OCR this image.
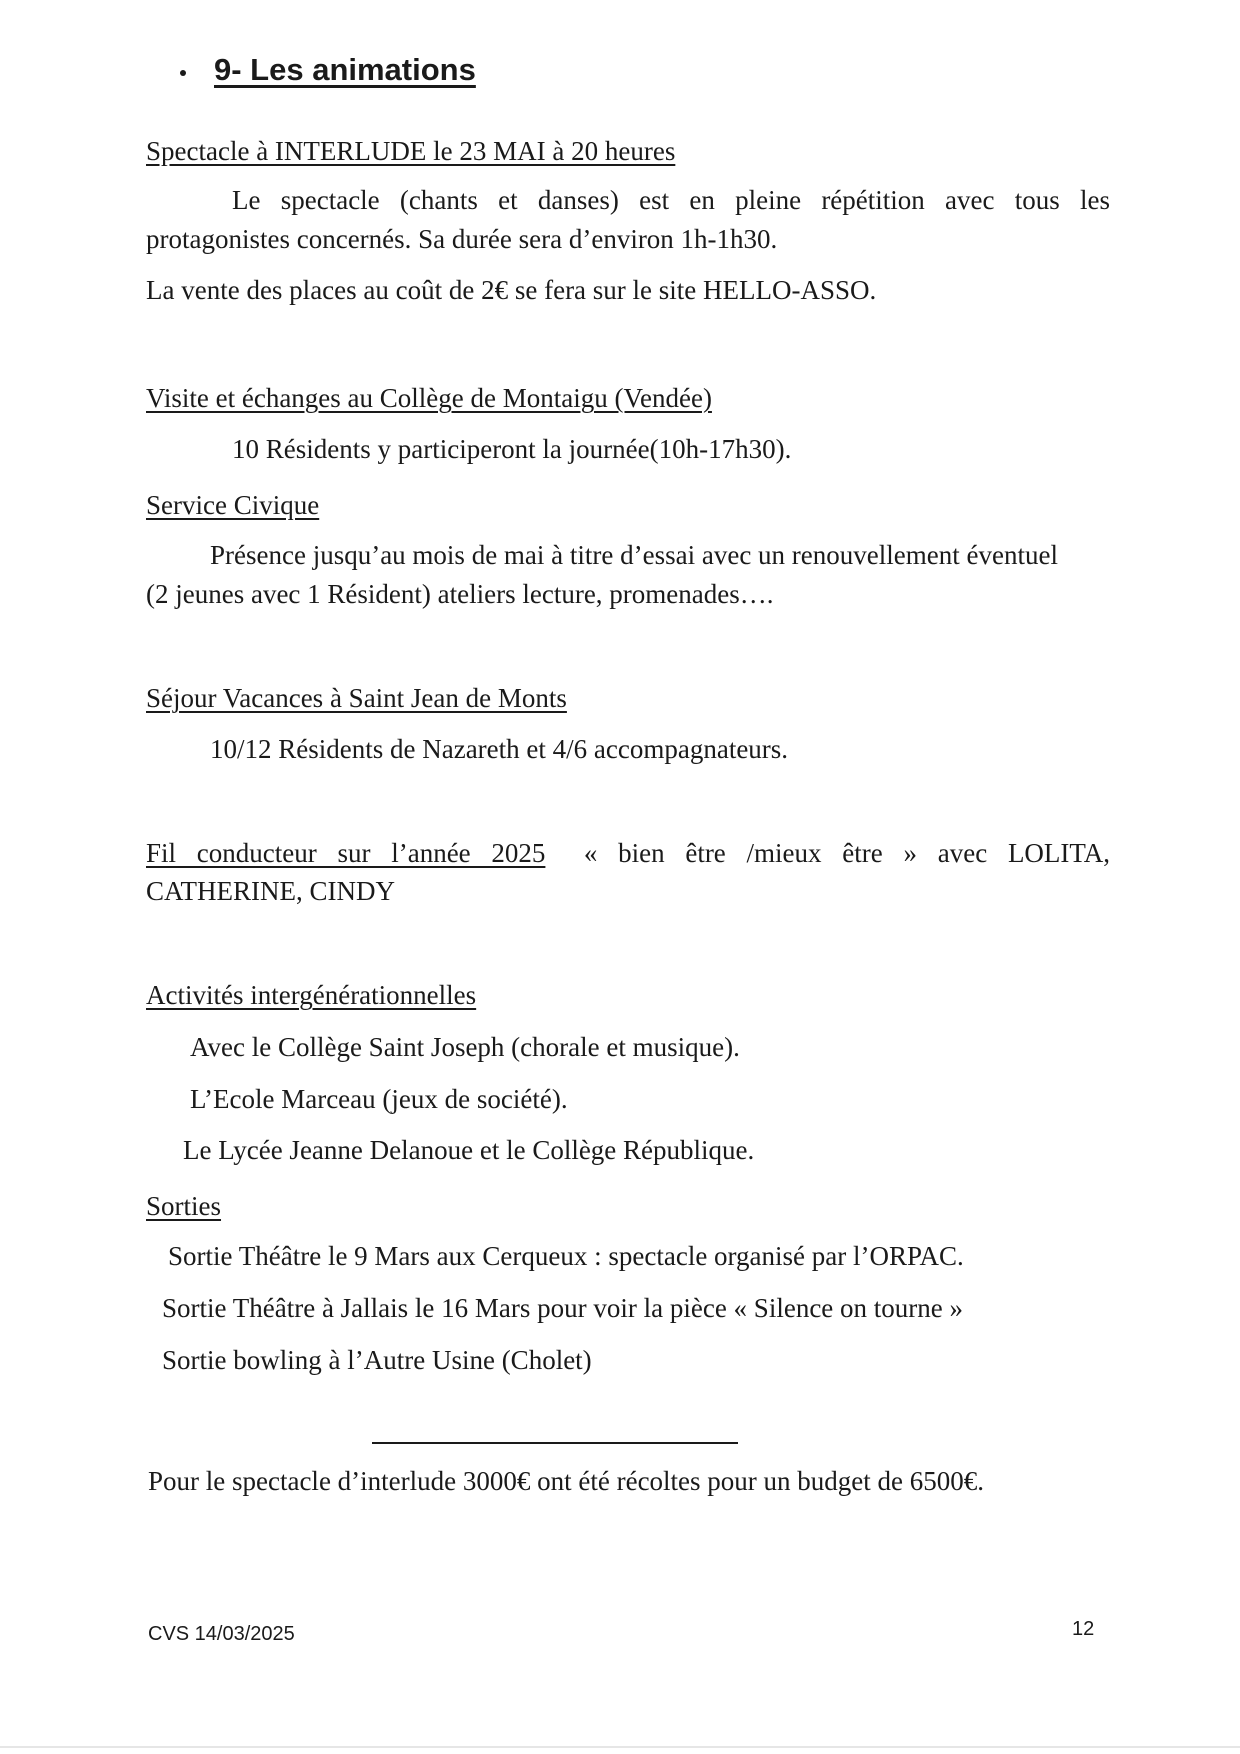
9- Les animations

Spectacle à INTERLUDE le 23 MAI à 20 heures

Le spectacle (chants et danses) est en pleine répétition avec tous les

protagonistes concernés. Sa durée sera d’environ 1h-1h30.

La vente des places au coût de 2€ se fera sur le site HELLO-ASSO.

Visite et échanges au Collège de Montaigu (Vendée)

10 Résidents y participeront la journée(10h-17h30).

Service Civique

Présence jusqu’au mois de mai à titre d’essai avec un renouvellement éventuel

(2 jeunes avec 1 Résident) ateliers lecture, promenades….

Séjour Vacances à Saint Jean de Monts

10/12 Résidents de Nazareth et 4/6 accompagnateurs.

Fil conducteur sur l’année 2025 « bien être /mieux être » avec LOLITA,

CATHERINE, CINDY

Activités intergénérationnelles

Avec le Collège Saint Joseph (chorale et musique).

L’Ecole Marceau (jeux de société).

Le Lycée Jeanne Delanoue et le Collège République.

Sorties

Sortie Théâtre le 9 Mars aux Cerqueux : spectacle organisé par l’ORPAC.

Sortie Théâtre à Jallais le 16 Mars pour voir la pièce « Silence on tourne »

Sortie bowling à l’Autre Usine (Cholet)

Pour le spectacle d’interlude 3000€ ont été récoltes pour un budget de 6500€.

CVS 14/03/2025	12
